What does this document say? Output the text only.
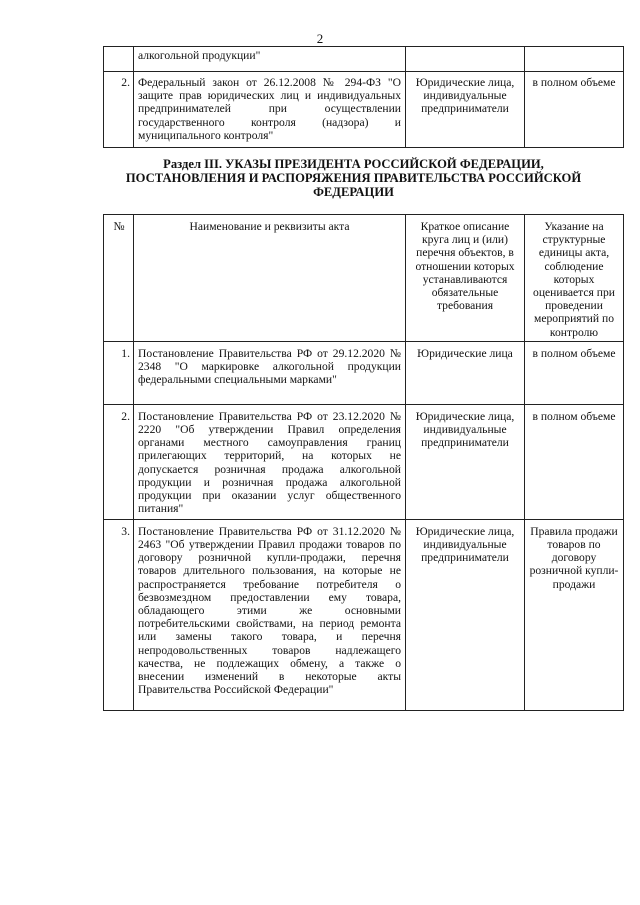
2
	алкогольной продукции"		
2.	Федеральный закон от 26.12.2008 № 294-ФЗ "О защите прав юридических лиц и индивидуальных предпринимателей при осуществлении государственного контроля (надзора) и муниципального контроля"	Юридические лица, индивидуальные предприниматели	в полном объеме
Раздел III. УКАЗЫ ПРЕЗИДЕНТА РОССИЙСКОЙ ФЕДЕРАЦИИ, ПОСТАНОВЛЕНИЯ И РАСПОРЯЖЕНИЯ ПРАВИТЕЛЬСТВА РОССИЙСКОЙ ФЕДЕРАЦИИ
№	Наименование и реквизиты акта	Краткое описание круга лиц и (или) перечня объектов, в отношении которых устанавливаются обязательные требования	Указание на структурные единицы акта, соблюдение которых оценивается при проведении мероприятий по контролю
1.	Постановление Правительства РФ от 29.12.2020 № 2348 "О маркировке алкогольной продукции федеральными специальными марками"	Юридические лица	в полном объеме
2.	Постановление Правительства РФ от 23.12.2020 № 2220 "Об утверждении Правил определения органами местного самоуправления границ прилегающих территорий, на которых не допускается розничная продажа алкогольной продукции и розничная продажа алкогольной продукции при оказании услуг общественного питания"	Юридические лица, индивидуальные предприниматели	в полном объеме
3.	Постановление Правительства РФ от 31.12.2020 № 2463 "Об утверждении Правил продажи товаров по договору розничной купли-продажи, перечня товаров длительного пользования, на которые не распространяется требование потребителя о безвозмездном предоставлении ему товара, обладающего этими же основными потребительскими свойствами, на период ремонта или замены такого товара, и перечня непродовольственных товаров надлежащего качества, не подлежащих обмену, а также о внесении изменений в некоторые акты Правительства Российской Федерации"	Юридические лица, индивидуальные предприниматели	Правила продажи товаров по договору розничной купли-продажи
